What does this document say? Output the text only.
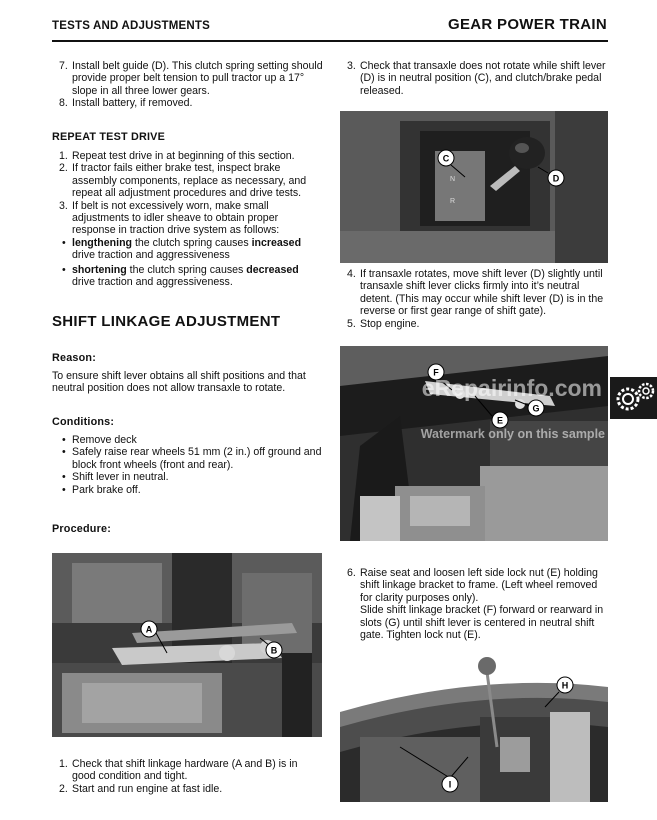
TESTS AND ADJUSTMENTS	GEAR POWER TRAIN
7. Install belt guide (D). This clutch spring setting should provide proper belt tension to pull tractor up a 17° slope in all three lower gears.
8. Install battery, if removed.
REPEAT TEST DRIVE
1. Repeat test drive in at beginning of this section.
2. If tractor fails either brake test, inspect brake assembly components, replace as necessary, and repeat all adjustment procedures and drive tests.
3. If belt is not excessively worn, make small adjustments to idler sheave to obtain proper response in traction drive system as follows:
• lengthening the clutch spring causes increased drive traction and aggressiveness
• shortening the clutch spring causes decreased drive traction and aggressiveness.
SHIFT LINKAGE ADJUSTMENT
Reason:
To ensure shift lever obtains all shift positions and that neutral position does not allow transaxle to rotate.
Conditions:
• Remove deck
• Safely raise rear wheels 51 mm (2 in.) off ground and block front wheels (front and rear).
• Shift lever in neutral.
• Park brake off.
Procedure:
A
B
1. Check that shift linkage hardware (A and B) is in good condition and tight.
2. Start and run engine at fast idle.
3. Check that transaxle does not rotate while shift lever (D) is in neutral position (C), and clutch/brake pedal released.
N
R
C
D
4. If transaxle rotates, move shift lever (D) slightly until transaxle shift lever clicks firmly into it’s neutral detent. (This may occur while shift lever (D) is in the reverse or first gear range of shift gate).
5. Stop engine.
F
E
G
eRepairinfo.com
Watermark only on this sample
6. Raise seat and loosen left side lock nut (E) holding shift linkage bracket to frame. (Left wheel removed for clarity purposes only).
Slide shift linkage bracket (F) forward or rearward in slots (G) until shift lever is centered in neutral shift gate. Tighten lock nut (E).
H
I
